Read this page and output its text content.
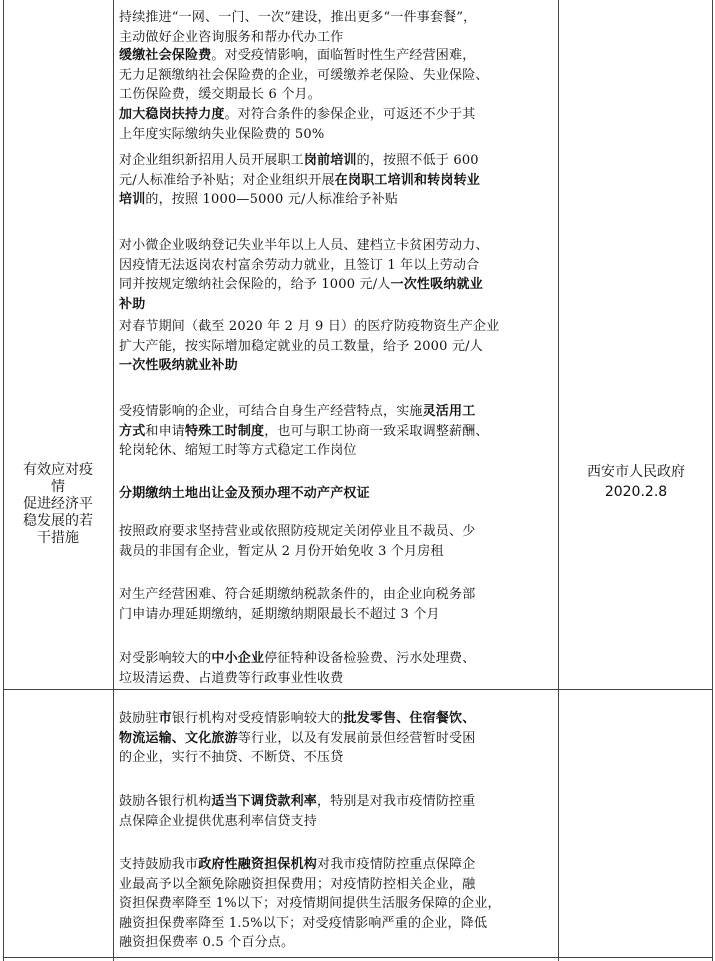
有效应对疫
情
促进经济平
稳发展的若
干措施
持续推进“一网、一门、一次”建设，推出更多“一件事套餐”，
主动做好企业咨询服务和帮办代办工作
缓缴社会保险费。对受疫情影响，面临暂时性生产经营困难，
无力足额缴纳社会保险费的企业，可缓缴养老保险、失业保险、
工伤保险费，缓交期最长 6 个月。
加大稳岗扶持力度。对符合条件的参保企业，可返还不少于其
上年度实际缴纳失业保险费的 50%
对企业组织新招用人员开展职工岗前培训的，按照不低于 600
元/人标准给予补贴；对企业组织开展在岗职工培训和转岗转业
培训的，按照 1000—5000 元/人标准给予补贴
对小微企业吸纳登记失业半年以上人员、建档立卡贫困劳动力、
因疫情无法返岗农村富余劳动力就业，且签订 1 年以上劳动合
同并按规定缴纳社会保险的，给予 1000 元/人一次性吸纳就业
补助
对春节期间（截至 2020 年 2 月 9 日）的医疗防疫物资生产企业
扩大产能，按实际增加稳定就业的员工数量，给予 2000 元/人
一次性吸纳就业补助
受疫情影响的企业，可结合自身生产经营特点，实施灵活用工
方式和申请特殊工时制度，也可与职工协商一致采取调整薪酬、
轮岗轮休、缩短工时等方式稳定工作岗位
分期缴纳土地出让金及预办理不动产产权证
按照政府要求坚持营业或依照防疫规定关闭停业且不裁员、少
裁员的非国有企业，暂定从 2 月份开始免收 3 个月房租
对生产经营困难、符合延期缴纳税款条件的，由企业向税务部
门申请办理延期缴纳，延期缴纳期限最长不超过 3 个月
对受影响较大的中小企业停征特种设备检验费、污水处理费、
垃圾清运费、占道费等行政事业性收费
鼓励驻市银行机构对受疫情影响较大的批发零售、住宿餐饮、
物流运输、文化旅游等行业，以及有发展前景但经营暂时受困
的企业，实行不抽贷、不断贷、不压贷
鼓励各银行机构适当下调贷款利率，特别是对我市疫情防控重
点保障企业提供优惠利率信贷支持
支持鼓励我市政府性融资担保机构对我市疫情防控重点保障企
业最高予以全额免除融资担保费用；对疫情防控相关企业，融
资担保费率降至 1%以下；对疫情期间提供生活服务保障的企业，
融资担保费率降至 1.5%以下；对受疫情影响严重的企业，降低
融资担保费率 0.5 个百分点。
西安市人民政府
2020.2.8
